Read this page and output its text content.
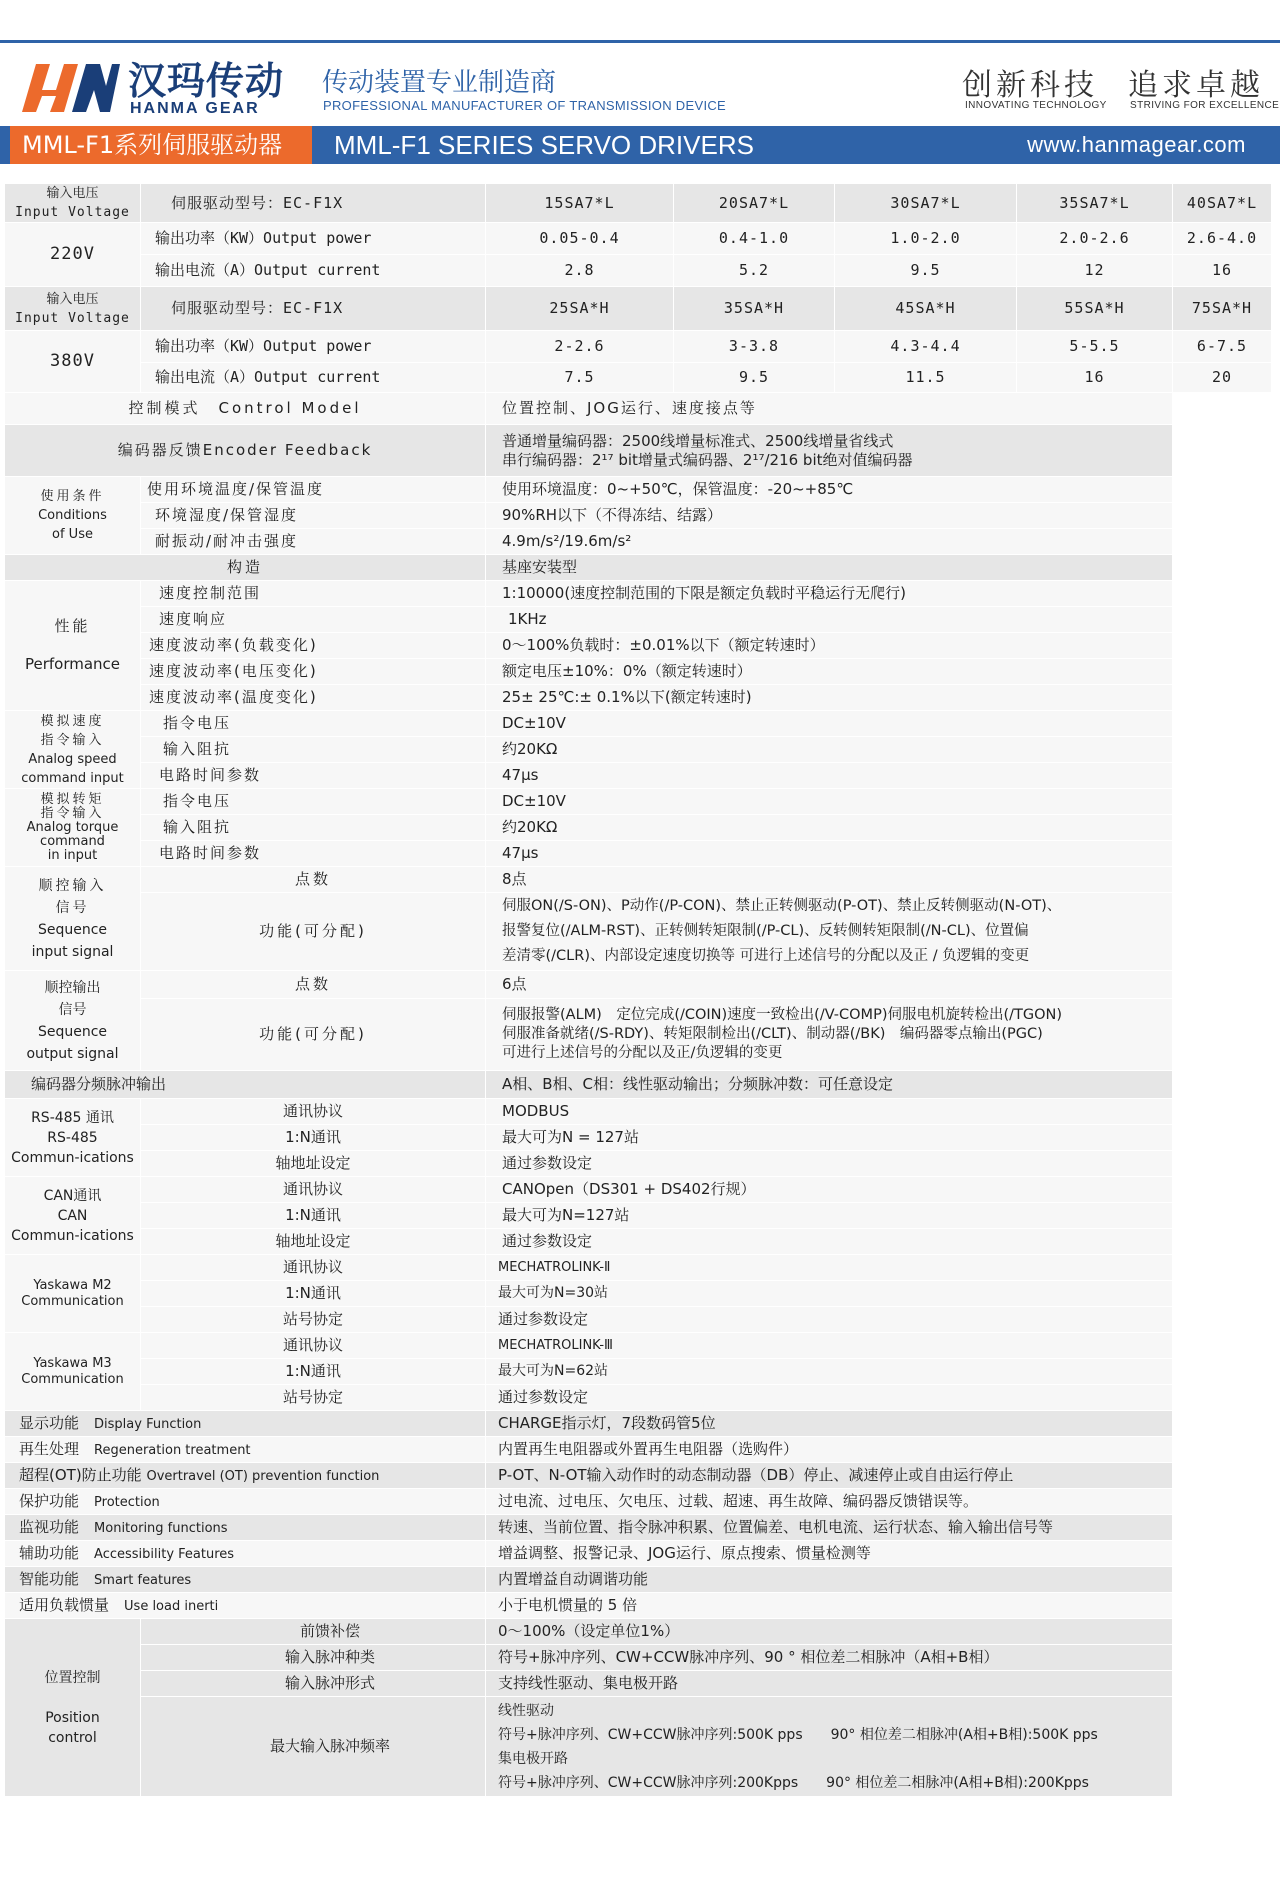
汉玛传动
HANMA GEAR
传动装置专业制造商
PROFESSIONAL MANUFACTURER OF TRANSMISSION DEVICE
创新科技
INNOVATING TECHNOLOGY
追求卓越
STRIVING FOR EXCELLENCE
MML-F1系列伺服驱动器 MML-F1 SERIES SERVO DRIVERS	www.hanmagear.com
输入电压
Input Voltage	伺服驱动型号：EC-F1X	15SA7*L	20SA7*L	30SA7*L	35SA7*L	40SA7*L
220V	输出功率（KW）Output power	0.05-0.4	0.4-1.0	1.0-2.0	2.0-2.6	2.6-4.0
	输出电流（A）Output current	2.8	5.2	9.5	12	16
输入电压
Input Voltage	伺服驱动型号：EC-F1X	25SA*H	35SA*H	45SA*H	55SA*H	75SA*H
380V	输出功率（KW）Output power	2-2.6	3-3.8	4.3-4.4	5-5.5	6-7.5
	输出电流（A）Output current	7.5	9.5	11.5	16	20
控制模式　Control Model		位置控制、JOG运行、速度接点等				
编码器反馈Encoder Feedback		普通增量编码器：2500线增量标准式、2500线增量省线式
串行编码器：2¹⁷ bit增量式编码器、2¹⁷/216 bit绝对值编码器				
使用条件
Conditions
of Use	使用环境温度/保管温度	使用环境温度：0~+50℃，保管温度：-20~+85℃				
	环境湿度/保管湿度	90%RH以下（不得冻结、结露）				
	耐振动/耐冲击强度	4.9m/s²/19.6m/s²				
构造		基座安装型				
性能

Performance	速度控制范围	1:10000(速度控制范围的下限是额定负载时平稳运行无爬行)				
	速度响应	1KHz				
	速度波动率(负载变化)	0～100%负载时：±0.01%以下（额定转速时）				
	速度波动率(电压变化)	额定电压±10%：0%（额定转速时）				
	速度波动率(温度变化)	25± 25℃:± 0.1%以下(额定转速时)				
模拟速度
指令输入
Analog speed
command input	指令电压	DC±10V				
	输入阻抗	约20KΩ				
	电路时间参数	47μs				
模拟转矩
指令输入
Analog torque
command
in input	指令电压	DC±10V				
	输入阻抗	约20KΩ				
	电路时间参数	47μs				
顺控输入
信号
Sequence
input signal	点数	8点				
	功能(可分配)	伺服ON(/S-ON)、P动作(/P-CON)、禁止正转侧驱动(P-OT)、禁止反转侧驱动(N-OT)、
报警复位(/ALM-RST)、正转侧转矩限制(/P-CL)、反转侧转矩限制(/N-CL)、位置偏
差清零(/CLR)、内部设定速度切换等 可进行上述信号的分配以及正 / 负逻辑的变更				
顺控输出
信号
Sequence
output signal	点数	6点				
	功能(可分配)	伺服报警(ALM)　定位完成(/COIN)速度一致检出(/V-COMP)伺服电机旋转检出(/TGON)
伺服准备就绪(/S-RDY)、转矩限制检出(/CLT)、制动器(/BK)　编码器零点输出(PGC)
可进行上述信号的分配以及正/负逻辑的变更				
编码器分频脉冲输出		A相、B相、C相：线性驱动输出；分频脉冲数：可任意设定				
RS-485 通讯
RS-485
Commun-ications	通讯协议	MODBUS				
	1:N通讯	最大可为N = 127站				
	轴地址设定	通过参数设定				
CAN通讯
CAN
Commun-ications	通讯协议	CANOpen（DS301 + DS402行规）				
	1:N通讯	最大可为N=127站				
	轴地址设定	通过参数设定				
Yaskawa M2
Communication	通讯协议	MECHATROLINK-Ⅱ				
	1:N通讯	最大可为N=30站				
	站号协定	通过参数设定				
Yaskawa M3
Communication	通讯协议	MECHATROLINK-Ⅲ				
	1:N通讯	最大可为N=62站				
	站号协定	通过参数设定				
显示功能　 Display Function		CHARGE指示灯，7段数码管5位				
再生处理　 Regeneration treatment		内置再生电阻器或外置再生电阻器（选购件）				
超程(OT)防止功能 Overtravel (OT) prevention function		P-OT、N-OT输入动作时的动态制动器（DB）停止、减速停止或自由运行停止				
保护功能　 Protection		过电流、过电压、欠电压、过载、超速、再生故障、编码器反馈错误等。				
监视功能　 Monitoring functions		转速、当前位置、指令脉冲积累、位置偏差、电机电流、运行状态、输入输出信号等				
辅助功能　 Accessibility Features		增益调整、报警记录、JOG运行、原点搜索、惯量检测等				
智能功能　 Smart features		内置增益自动调谐功能				
适用负载惯量　 Use load inerti		小于电机惯量的 5 倍				
位置控制

Position
control	前馈补偿	0～100%（设定单位1%）				
	输入脉冲种类	符号+脉冲序列、CW+CCW脉冲序列、90 ° 相位差二相脉冲（A相+B相）				
	输入脉冲形式	支持线性驱动、集电极开路				
	最大输入脉冲频率	线性驱动
符号+脉冲序列、CW+CCW脉冲序列:500K pps　　90° 相位差二相脉冲(A相+B相):500K pps
集电极开路
符号+脉冲序列、CW+CCW脉冲序列:200Kpps　　90° 相位差二相脉冲(A相+B相):200Kpps				
